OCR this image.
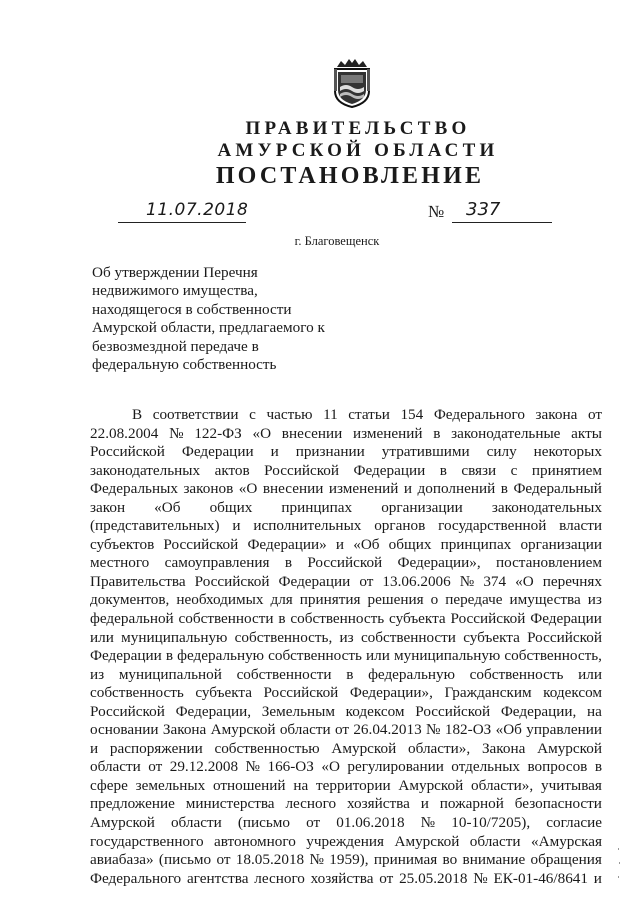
ПРАВИТЕЛЬСТВО
АМУРСКОЙ ОБЛАСТИ
ПОСТАНОВЛЕНИЕ
11.07.2018	№ 337
г. Благовещенск
Об утверждении Перечня
недвижимого имущества,
находящегося в собственности
Амурской области, предлагаемого к
безвозмездной передаче в
федеральную собственность
В соответствии с частью 11 статьи 154 Федерального закона от
22.08.2004 № 122-ФЗ «О внесении изменений в законодательные акты
Российской Федерации и признании утратившими силу некоторых
законодательных актов Российской Федерации в связи с принятием
Федеральных законов «О внесении изменений и дополнений в Федеральный
закон «Об общих принципах организации законодательных
(представительных) и исполнительных органов государственной власти
субъектов Российской Федерации» и «Об общих принципах организации
местного самоуправления в Российской Федерации», постановлением
Правительства Российской Федерации от 13.06.2006 № 374 «О перечнях
документов, необходимых для принятия решения о передаче имущества из
федеральной собственности в собственность субъекта Российской Федерации
или муниципальную собственность, из собственности субъекта Российской
Федерации в федеральную собственность или муниципальную собственность,
из муниципальной собственности в федеральную собственность или
собственность субъекта Российской Федерации», Гражданским кодексом
Российской Федерации, Земельным кодексом Российской Федерации, на
основании Закона Амурской области от 26.04.2013 № 182-ОЗ «Об управлении
и распоряжении собственностью Амурской области», Закона Амурской
области от 29.12.2008 № 166-ОЗ «О регулировании отдельных вопросов в
сфере земельных отношений на территории Амурской области», учитывая
предложение министерства лесного хозяйства и пожарной безопасности
Амурской области (письмо от 01.06.2018 № 10-10/7205), согласие
государственного автономного учреждения Амурской области «Амурская
авиабаза» (письмо от 18.05.2018 № 1959), принимая во внимание обращения
Федерального агентства лесного хозяйства от 25.05.2018 № ЕК-01-46/8641 и
